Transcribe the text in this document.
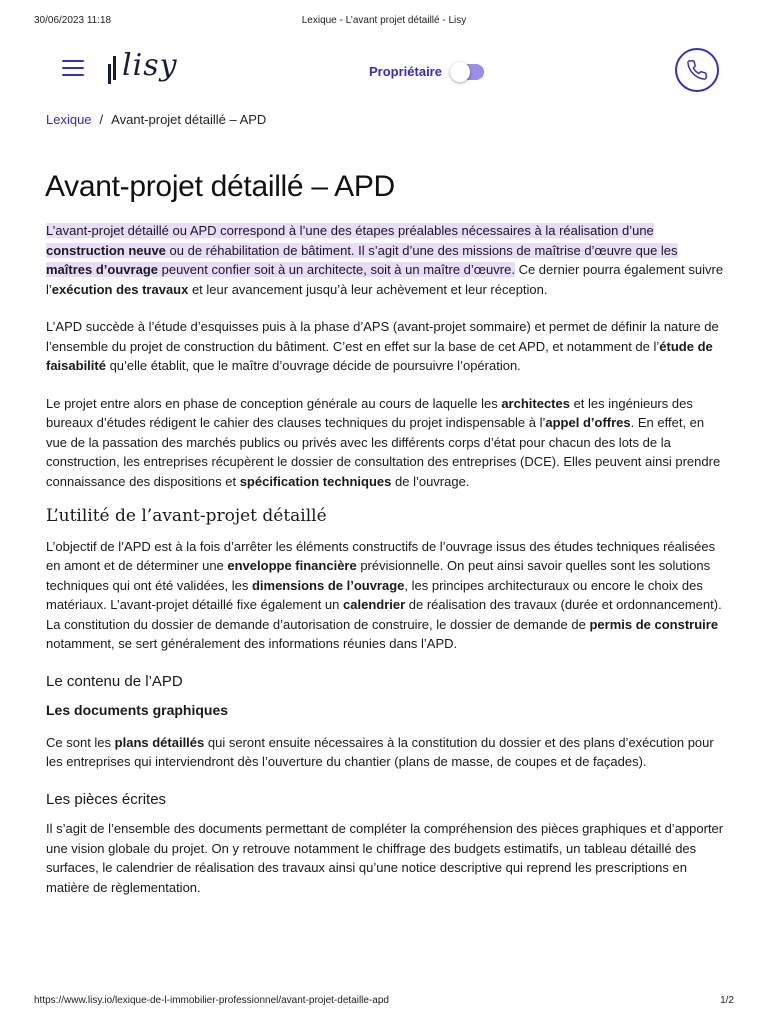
30/06/2023 11:18	Lexique - L’avant projet détaillé - Lisy
lisy	Propriétaire
Lexique / Avant-projet détaillé – APD
Avant-projet détaillé – APD

L’avant-projet détaillé ou APD correspond à l’une des étapes préalables nécessaires à la réalisation d’une construction neuve ou de réhabilitation de bâtiment. Il s’agit d’une des missions de maîtrise d’œuvre que les maîtres d’ouvrage peuvent confier soit à un architecte, soit à un maître d’œuvre. Ce dernier pourra également suivre l’exécution des travaux et leur avancement jusqu’à leur achèvement et leur réception.

L’APD succède à l’étude d’esquisses puis à la phase d’APS (avant-projet sommaire) et permet de définir la nature de l’ensemble du projet de construction du bâtiment. C’est en effet sur la base de cet APD, et notamment de l’étude de faisabilité qu’elle établit, que le maître d’ouvrage décide de poursuivre l’opération.

Le projet entre alors en phase de conception générale au cours de laquelle les architectes et les ingénieurs des bureaux d’études rédigent le cahier des clauses techniques du projet indispensable à l’appel d’offres. En effet, en vue de la passation des marchés publics ou privés avec les différents corps d’état pour chacun des lots de la construction, les entreprises récupèrent le dossier de consultation des entreprises (DCE). Elles peuvent ainsi prendre connaissance des dispositions et spécification techniques de l’ouvrage.

L’utilité de l’avant-projet détaillé

L’objectif de l’APD est à la fois d’arrêter les éléments constructifs de l’ouvrage issus des études techniques réalisées en amont et de déterminer une enveloppe financière prévisionnelle. On peut ainsi savoir quelles sont les solutions techniques qui ont été validées, les dimensions de l’ouvrage, les principes architecturaux ou encore le choix des matériaux. L’avant-projet détaillé fixe également un calendrier de réalisation des travaux (durée et ordonnancement). La constitution du dossier de demande d’autorisation de construire, le dossier de demande de permis de construire notamment, se sert généralement des informations réunies dans l’APD.

Le contenu de l’APD
Les documents graphiques

Ce sont les plans détaillés qui seront ensuite nécessaires à la constitution du dossier et des plans d’exécution pour les entreprises qui interviendront dès l’ouverture du chantier (plans de masse, de coupes et de façades).

Les pièces écrites

Il s’agit de l’ensemble des documents permettant de compléter la compréhension des pièces graphiques et d’apporter une vision globale du projet. On y retrouve notamment le chiffrage des budgets estimatifs, un tableau détaillé des surfaces, le calendrier de réalisation des travaux ainsi qu’une notice descriptive qui reprend les prescriptions en matière de règlementation.

https://www.lisy.io/lexique-de-l-immobilier-professionnel/avant-projet-detaille-apd	1/2
